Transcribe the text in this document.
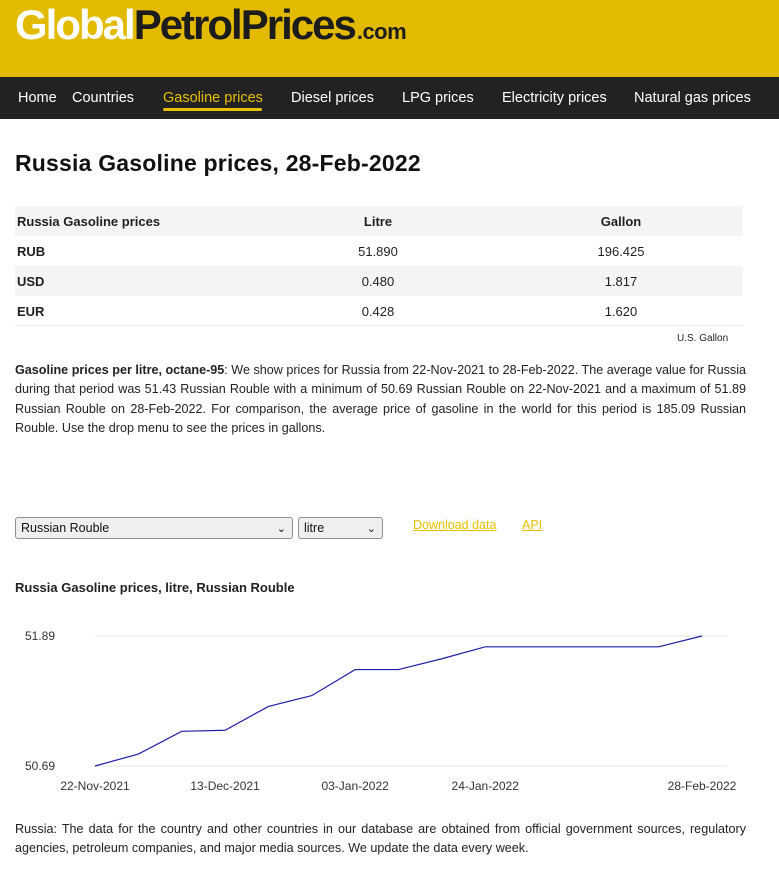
GlobalPetrolPrices.com
Home Countries Gasoline prices Diesel prices LPG prices Electricity prices Natural gas prices
Russia Gasoline prices, 28-Feb-2022
Russia Gasoline prices	Litre	Gallon
RUB	51.890	196.425
USD	0.480	1.817
EUR	0.428	1.620
U.S. Gallon

Gasoline prices per litre, octane-95: We show prices for Russia from 22-Nov-2021 to 28-Feb-2022. The average value for Russia during that period was 51.43 Russian Rouble with a minimum of 50.69 Russian Rouble on 22-Nov-2021 and a maximum of 51.89 Russian Rouble on 28-Feb-2022. For comparison, the average price of gasoline in the world for this period is 185.09 Russian Rouble. Use the drop menu to see the prices in gallons.

Russian Rouble	⌄	litre	⌄	Download data API
Russia Gasoline prices, litre, Russian Rouble
51.89
50.69
22-Nov-2021	13-Dec-2021	03-Jan-2022	24-Jan-2022	28-Feb-2022

Russia: The data for the country and other countries in our database are obtained from official government sources, regulatory agencies, petroleum companies, and major media sources. We update the data every week.
